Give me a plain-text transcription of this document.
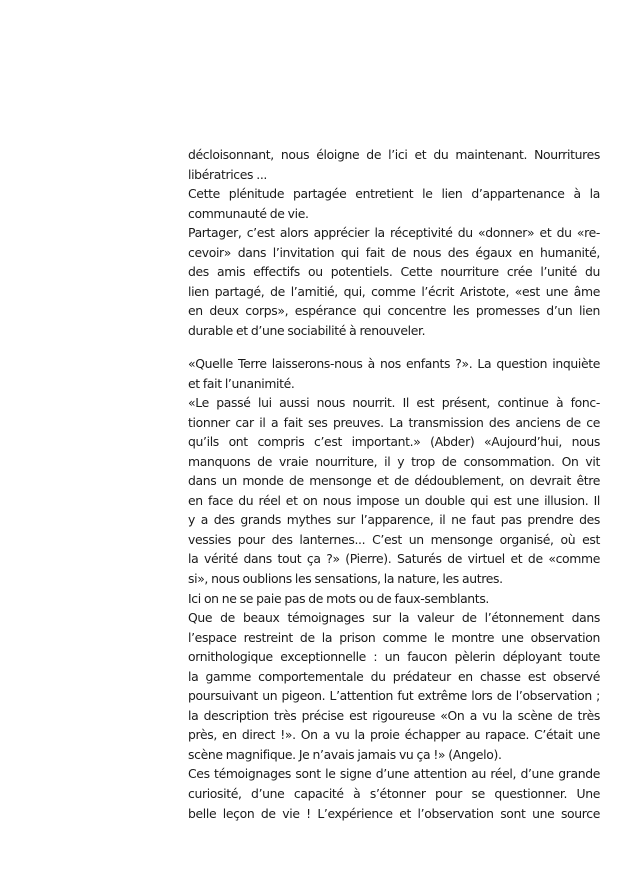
décloisonnant, nous éloigne de l’ici et du maintenant. Nourritures
libératrices ...
Cette plénitude partagée entretient le lien d’appartenance à la
communauté de vie.
Partager, c’est alors apprécier la réceptivité du «donner» et du «re-
cevoir» dans l’invitation qui fait de nous des égaux en humanité,
des amis effectifs ou potentiels. Cette nourriture crée l’unité du
lien partagé, de l’amitié, qui, comme l’écrit Aristote, «est une âme
en deux corps», espérance qui concentre les promesses d’un lien
durable et d’une sociabilité à renouveler.
«Quelle Terre laisserons-nous à nos enfants ?». La question inquiète
et fait l’unanimité.
«Le passé lui aussi nous nourrit. Il est présent, continue à fonc-
tionner car il a fait ses preuves. La transmission des anciens de ce
qu’ils ont compris c’est important.» (Abder) «Aujourd’hui, nous
manquons de vraie nourriture, il y trop de consommation. On vit
dans un monde de mensonge et de dédoublement, on devrait être
en face du réel et on nous impose un double qui est une illusion. Il
y a des grands mythes sur l’apparence, il ne faut pas prendre des
vessies pour des lanternes... C’est un mensonge organisé, où est
la vérité dans tout ça ?» (Pierre). Saturés de virtuel et de «comme
si», nous oublions les sensations, la nature, les autres.
Ici on ne se paie pas de mots ou de faux-semblants.
Que de beaux témoignages sur la valeur de l’étonnement dans
l’espace restreint de la prison comme le montre une observation
ornithologique exceptionnelle : un faucon pèlerin déployant toute
la gamme comportementale du prédateur en chasse est observé
poursuivant un pigeon. L’attention fut extrême lors de l’observation ;
la description très précise est rigoureuse «On a vu la scène de très
près, en direct !». On a vu la proie échapper au rapace. C’était une
scène magnifique. Je n’avais jamais vu ça !» (Angelo).
Ces témoignages sont le signe d’une attention au réel, d’une grande
curiosité, d’une capacité à s’étonner pour se questionner. Une
belle leçon de vie ! L’expérience et l’observation sont une source
